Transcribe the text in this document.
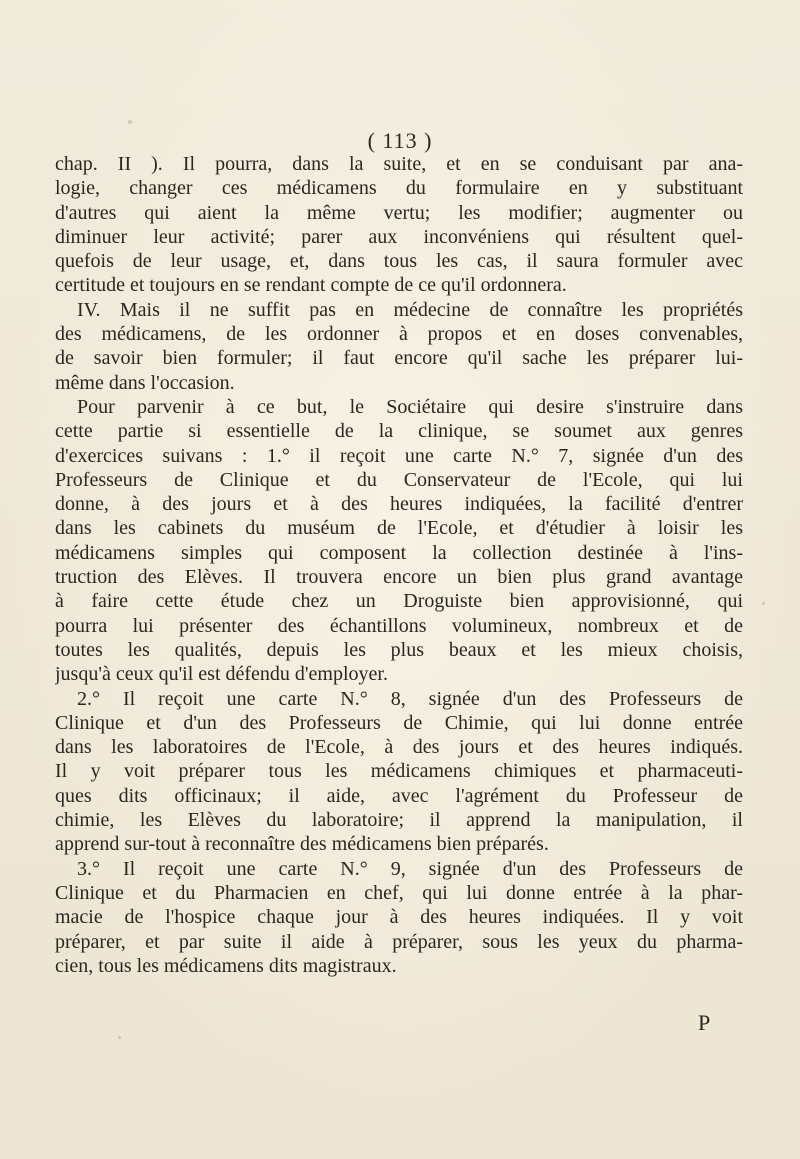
( 113 )
chap. II ). Il pourra, dans la suite, et en se conduisant par ana-
logie, changer ces médicamens du formulaire en y substituant
d'autres qui aient la même vertu; les modifier; augmenter ou
diminuer leur activité; parer aux inconvéniens qui résultent quel-
quefois de leur usage, et, dans tous les cas, il saura formuler avec
certitude et toujours en se rendant compte de ce qu'il ordonnera.
IV. Mais il ne suffit pas en médecine de connaître les propriétés
des médicamens, de les ordonner à propos et en doses convenables,
de savoir bien formuler; il faut encore qu'il sache les préparer lui-
même dans l'occasion.
Pour parvenir à ce but, le Sociétaire qui desire s'instruire dans
cette partie si essentielle de la clinique, se soumet aux genres
d'exercices suivans : 1.° il reçoit une carte N.° 7, signée d'un des
Professeurs de Clinique et du Conservateur de l'Ecole, qui lui
donne, à des jours et à des heures indiquées, la facilité d'entrer
dans les cabinets du muséum de l'Ecole, et d'étudier à loisir les
médicamens simples qui composent la collection destinée à l'ins-
truction des Elèves. Il trouvera encore un bien plus grand avantage
à faire cette étude chez un Droguiste bien approvisionné, qui
pourra lui présenter des échantillons volumineux, nombreux et de
toutes les qualités, depuis les plus beaux et les mieux choisis,
jusqu'à ceux qu'il est défendu d'employer.
2.° Il reçoit une carte N.° 8, signée d'un des Professeurs de
Clinique et d'un des Professeurs de Chimie, qui lui donne entrée
dans les laboratoires de l'Ecole, à des jours et des heures indiqués.
Il y voit préparer tous les médicamens chimiques et pharmaceuti-
ques dits officinaux; il aide, avec l'agrément du Professeur de
chimie, les Elèves du laboratoire; il apprend la manipulation, il
apprend sur-tout à reconnaître des médicamens bien préparés.
3.° Il reçoit une carte N.° 9, signée d'un des Professeurs de
Clinique et du Pharmacien en chef, qui lui donne entrée à la phar-
macie de l'hospice chaque jour à des heures indiquées. Il y voit
préparer, et par suite il aide à préparer, sous les yeux du pharma-
cien, tous les médicamens dits magistraux.
P
